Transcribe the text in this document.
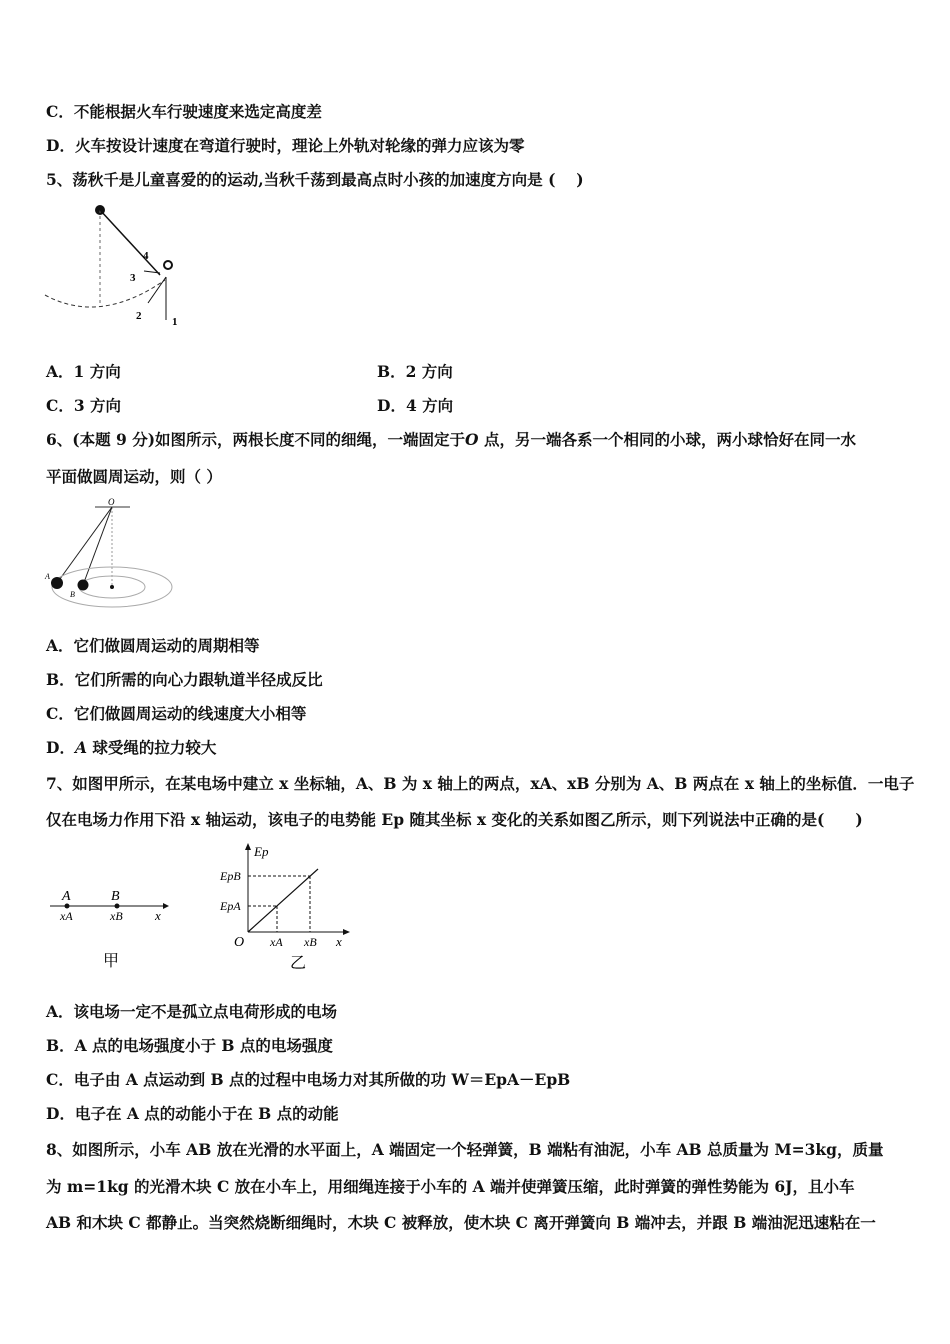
C．不能根据火车行驶速度来选定高度差
D．火车按设计速度在弯道行驶时，理论上外轨对轮缘的弹力应该为零
5、荡秋千是儿童喜爱的的运动,当秋千荡到最高点时小孩的加速度方向是 (　 )
4
3
2	1
A．1 方向	B．2 方向
C．3 方向	D．4 方向
6、(本题 9 分)如图所示，两根长度不同的细绳，一端固定于O 点，另一端各系一个相同的小球，两小球恰好在同一水
平面做圆周运动，则（ ）
O
A
B
A．它们做圆周运动的周期相等
B．它们所需的向心力跟轨道半径成反比
C．它们做圆周运动的线速度大小相等
D．A 球受绳的拉力较大
7、如图甲所示，在某电场中建立 x 坐标轴，A、B 为 x 轴上的两点，xA、xB 分别为 A、B 两点在 x 轴上的坐标值．一电子
仅在电场力作用下沿 x 轴运动，该电子的电势能 Ep 随其坐标 x 变化的关系如图乙所示，则下列说法中正确的是(　　)
A	B
xA	xB x
甲
Ep
EpB
EpA
O xA xB x
乙
A．该电场一定不是孤立点电荷形成的电场
B．A 点的电场强度小于 B 点的电场强度
C．电子由 A 点运动到 B 点的过程中电场力对其所做的功 W＝EpA－EpB
D．电子在 A 点的动能小于在 B 点的动能
8、如图所示，小车 AB 放在光滑的水平面上，A 端固定一个轻弹簧，B 端粘有油泥，小车 AB 总质量为 M=3kg，质量
为 m=1kg 的光滑木块 C 放在小车上，用细绳连接于小车的 A 端并使弹簧压缩，此时弹簧的弹性势能为 6J，且小车
AB 和木块 C 都静止。当突然烧断细绳时，木块 C 被释放，使木块 C 离开弹簧向 B 端冲去，并跟 B 端油泥迅速粘在一
